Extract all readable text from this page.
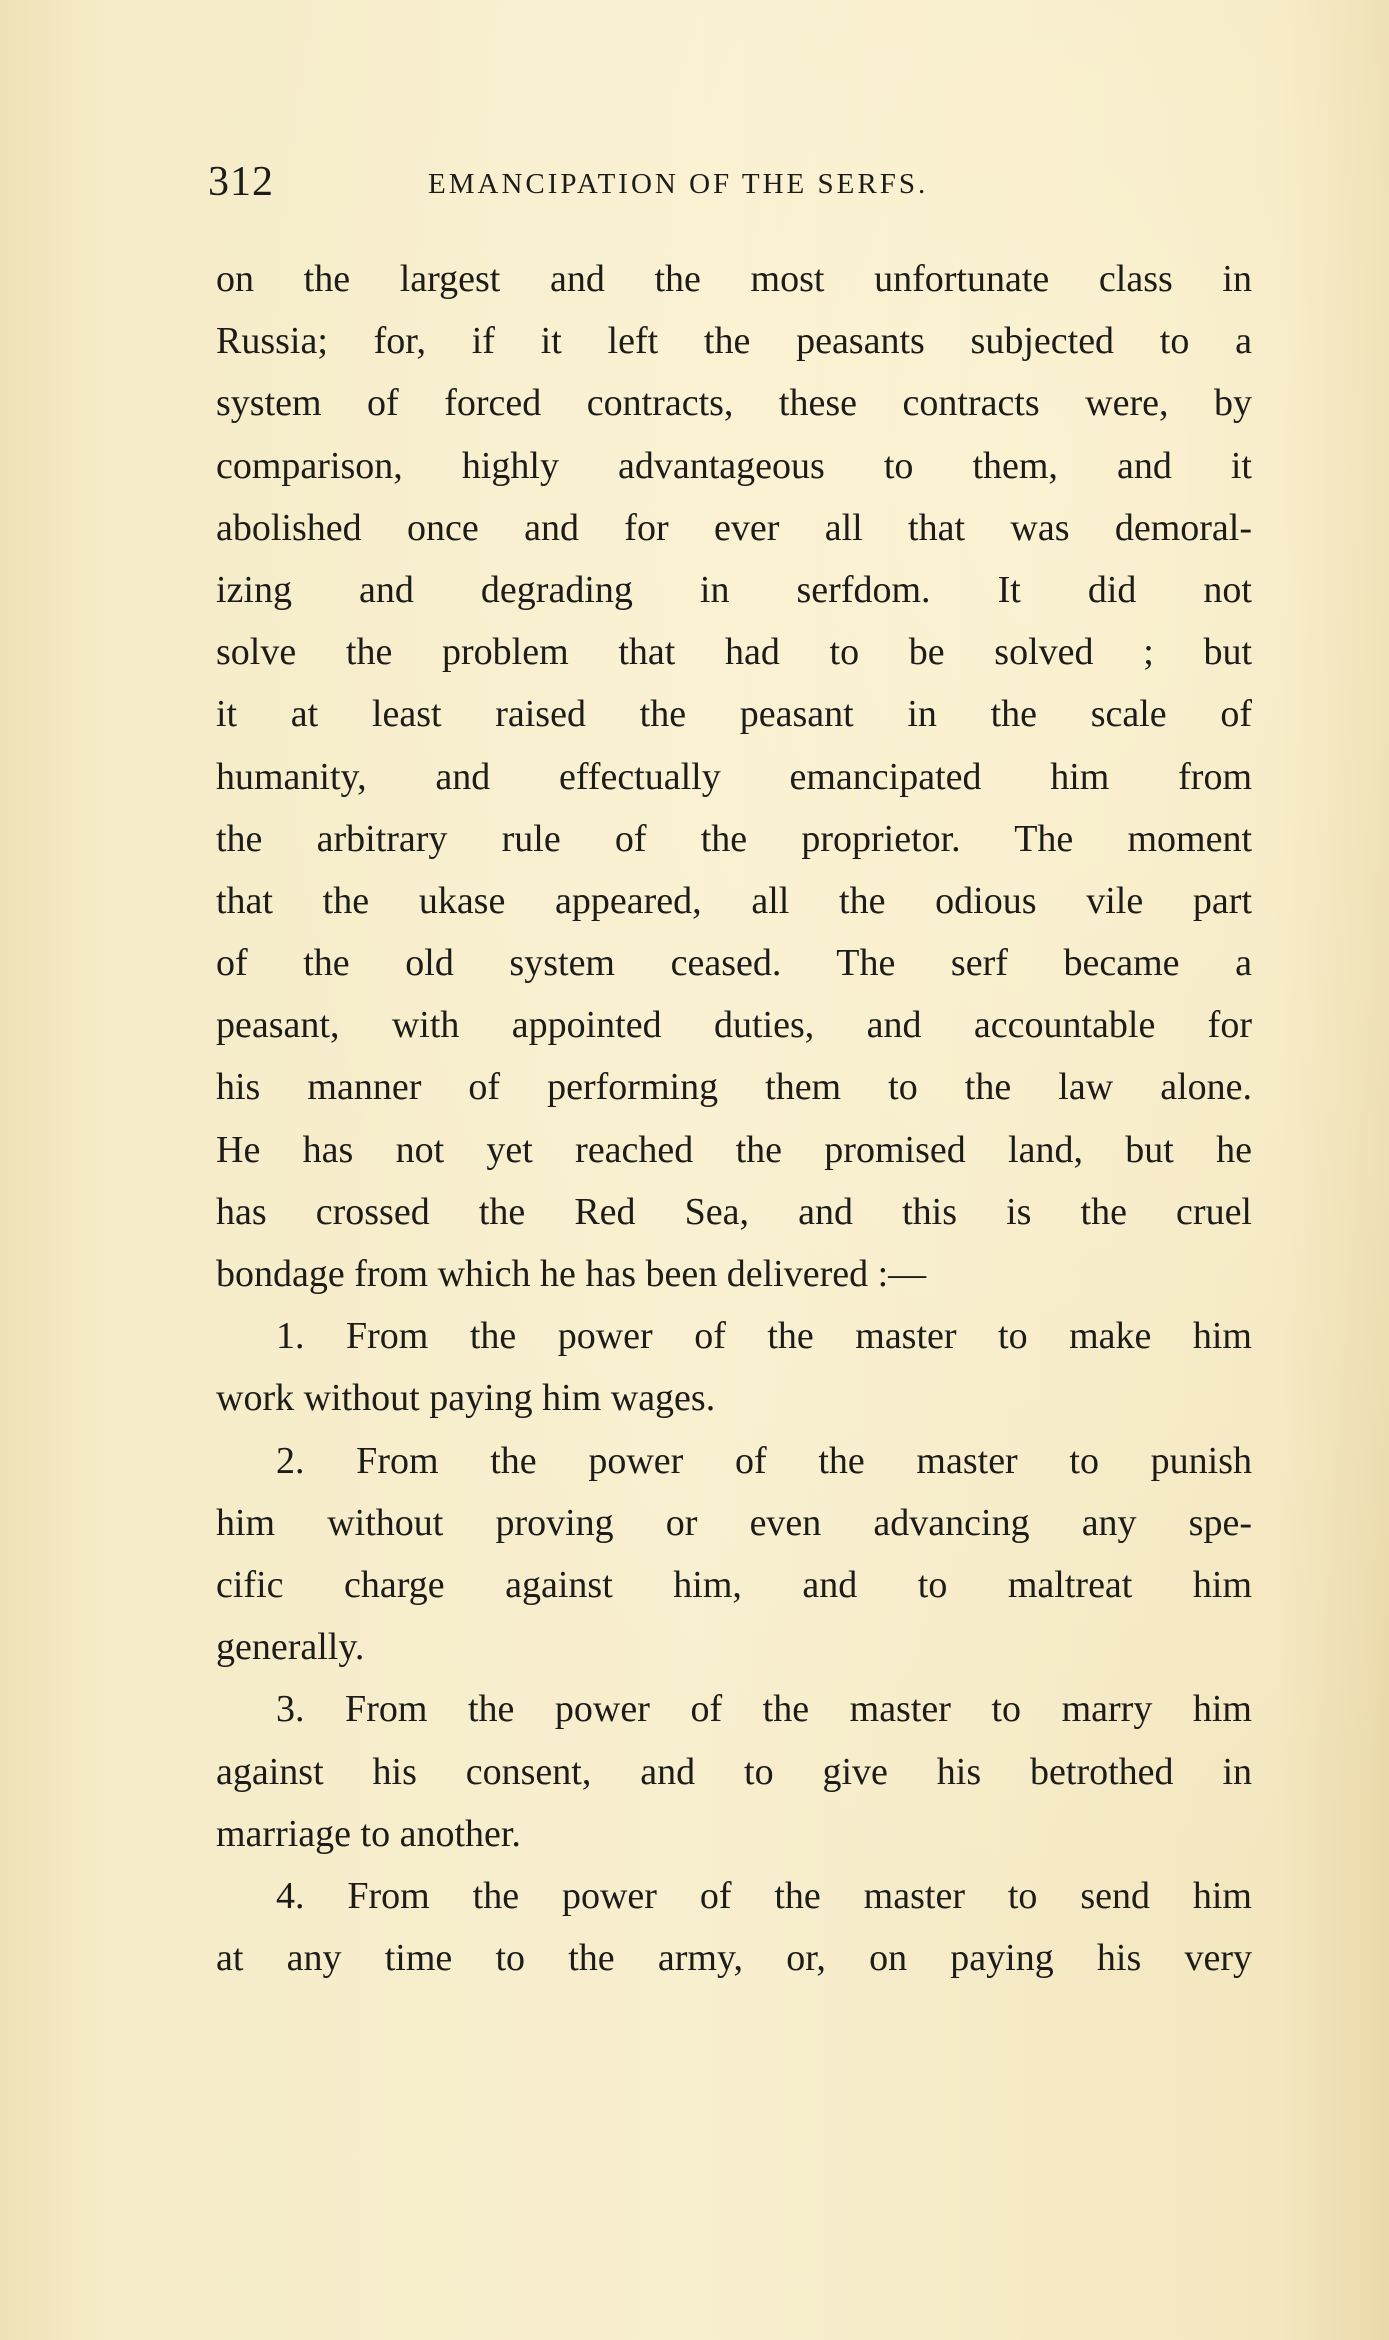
312	EMANCIPATION OF THE SERFS.
on the largest and the most unfortunate class in
Russia; for, if it left the peasants subjected to a
system of forced contracts, these contracts were, by
comparison, highly advantageous to them, and it
abolished once and for ever all that was demoral-
izing and degrading in serfdom. It did not
solve the problem that had to be solved ; but
it at least raised the peasant in the scale of
humanity, and effectually emancipated him from
the arbitrary rule of the proprietor. The moment
that the ukase appeared, all the odious vile part
of the old system ceased. The serf became a
peasant, with appointed duties, and accountable for
his manner of performing them to the law alone.
He has not yet reached the promised land, but he
has crossed the Red Sea, and this is the cruel
bondage from which he has been delivered :—
1. From the power of the master to make him
work without paying him wages.
2. From the power of the master to punish
him without proving or even advancing any spe-
cific charge against him, and to maltreat him
generally.
3. From the power of the master to marry him
against his consent, and to give his betrothed in
marriage to another.
4. From the power of the master to send him
at any time to the army, or, on paying his very
